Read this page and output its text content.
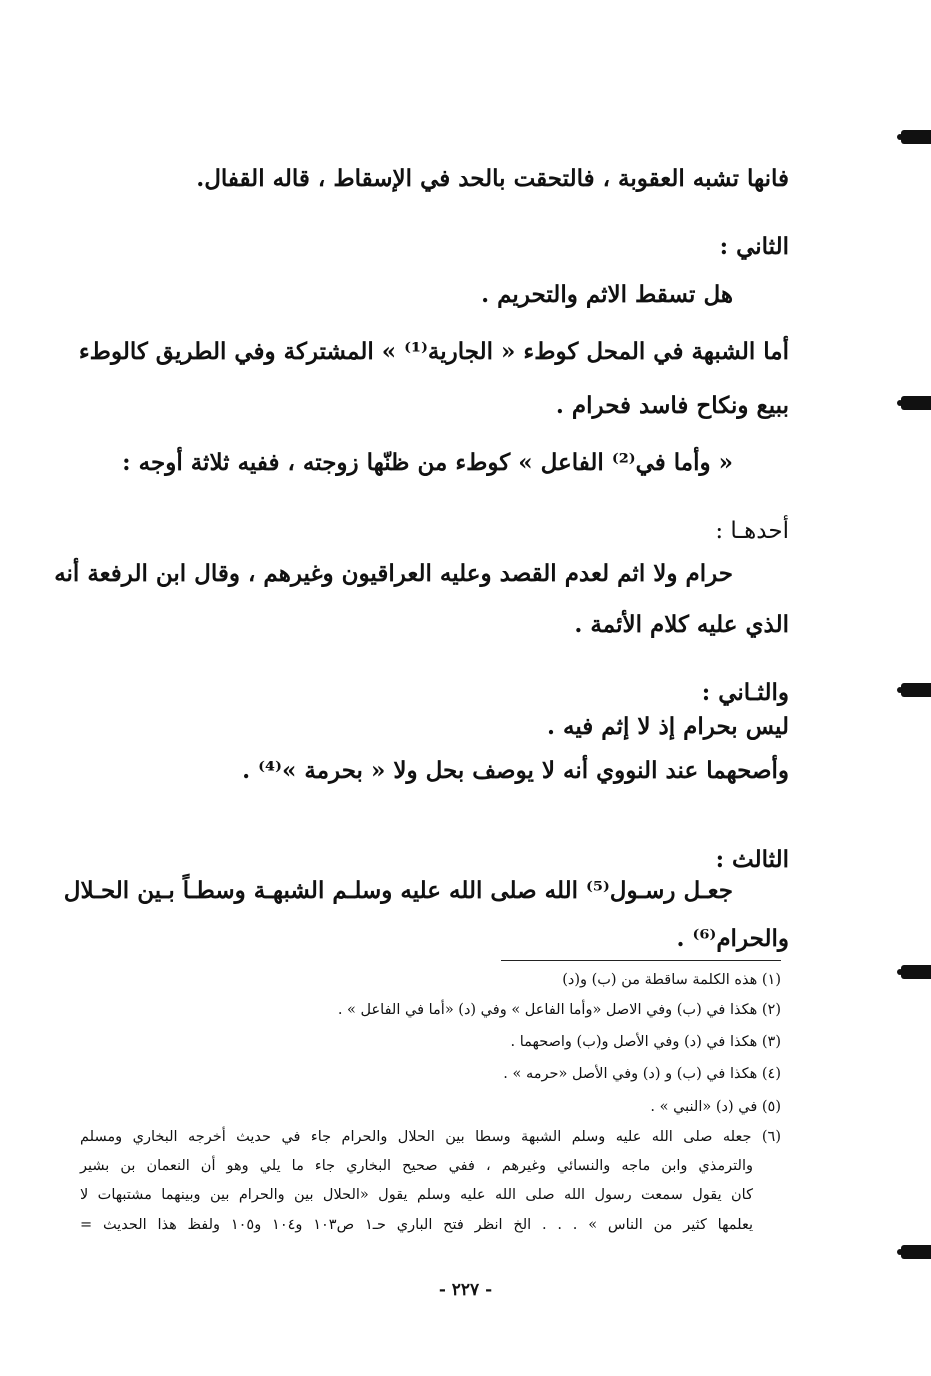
فانها تشبه العقوبة ، فالتحقت بالحد في الإسقاط ، قاله القفال.
الثاني :
هل تسقط الاثم والتحريم .
أما الشبهة في المحل كوطء « الجارية⁽¹⁾ » المشتركة وفي الطريق كالوطء
ببيع ونكاح فاسد فحرام .
« وأما في⁽²⁾ الفاعل » كوطء من ظنّها زوجته ، ففيه ثلاثة أوجه :
أحدهـا :
حرام ولا اثم لعدم القصد وعليه العراقيون وغيرهم ، وقال ابن الرفعة أنه
الذي عليه كلام الأئمة .
والثـاني :
ليس بحرام إذ لا إثم فيه .
وأصحهما عند النووي أنه لا يوصف بحل ولا « بحرمة »⁽⁴⁾ .
الثالث :
جعـل رسـول⁽⁵⁾ الله صلى الله عليه وسلـم الشبهـة وسطـاً بـين الحـلال
والحرام⁽⁶⁾ .
(١) هذه الكلمة ساقطة من (ب) و(د)
(٢) هكذا في (ب) وفي الاصل «وأما الفاعل » وفي (د) «أما في الفاعل » .
(٣) هكذا في (د) وفي الأصل و(ب) واصحهما .
(٤) هكذا في (ب) و (د) وفي الأصل «حرمه » .
(٥) في (د) «النبي » .
(٦) جعله صلى الله عليه وسلم الشبهة وسطا بين الحلال والحرام جاء في حديث أخرجه البخاري ومسلم
والترمذي وابن ماجه والنسائي وغيرهم ، ففي صحيح البخاري جاء ما يلي وهو أن النعمان بن بشير
كان يقول سمعت رسول الله صلى الله عليه وسلم يقول «الحلال بين والحرام بين وبينهما مشتبهات لا
يعلمها كثير من الناس » . . . الخ انظر فتح الباري حـ١ ص١٠٣ و١٠٤ و١٠٥ ولفظ هذا الحديث =
- ٢٢٧ -
